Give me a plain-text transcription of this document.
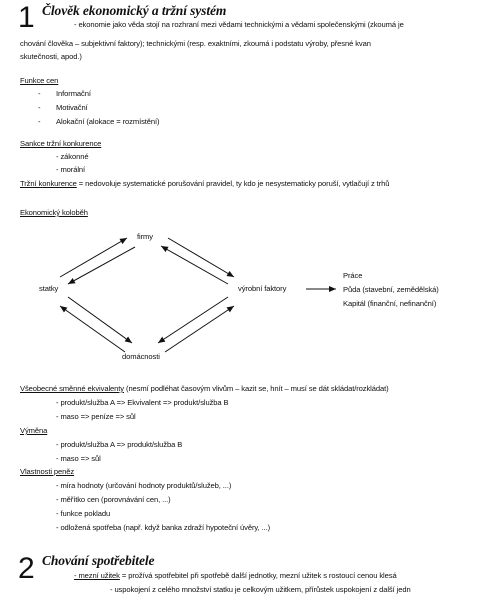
1 Člověk ekonomický a tržní systém
- ekonomie jako věda stojí na rozhraní mezi vědami technickými a vědami společenskými (zkoumá je
chování člověka – subjektivní faktory); technickými (resp. exaktními, zkoumá i podstatu výroby, přesné kvan
skutečnosti, apod.)
Funkce cen
- Informační
- Motivační
- Alokační (alokace = rozmístění)
Sankce tržní konkurence
- zákonné
- morální
Tržní konkurence = nedovoluje systematické porušování pravidel, ty kdo je nesystematicky poruší, vytlačují z trhů
Ekonomický koloběh
firmy
statky	výrobní faktory
domácnosti
Práce
Půda (stavební, zemědělská)
Kapitál (finanční, nefinanční)
Všeobecné směnné ekvivalenty (nesmí podléhat časovým vlivům – kazit se, hnít – musí se dát skládat/rozkládat)
- produkt/služba A => Ekvivalent => produkt/služba B
- maso => peníze => sůl
Výměna
- produkt/služba A => produkt/služba B
- maso => sůl
Vlastnosti peněz
- míra hodnoty (určování hodnoty produktů/služeb, ...)
- měřítko cen (porovnávání cen, ...)
- funkce pokladu
- odložená spotřeba (např. když banka zdraží hypoteční úvěry, ...)
2 Chování spotřebitele
- mezní užitek = prožívá spotřebitel při spotřebě další jednotky, mezní užitek s rostoucí cenou klesá
- uspokojení z celého množství statku je celkovým užitkem, přírůstek uspokojení z další jedn
